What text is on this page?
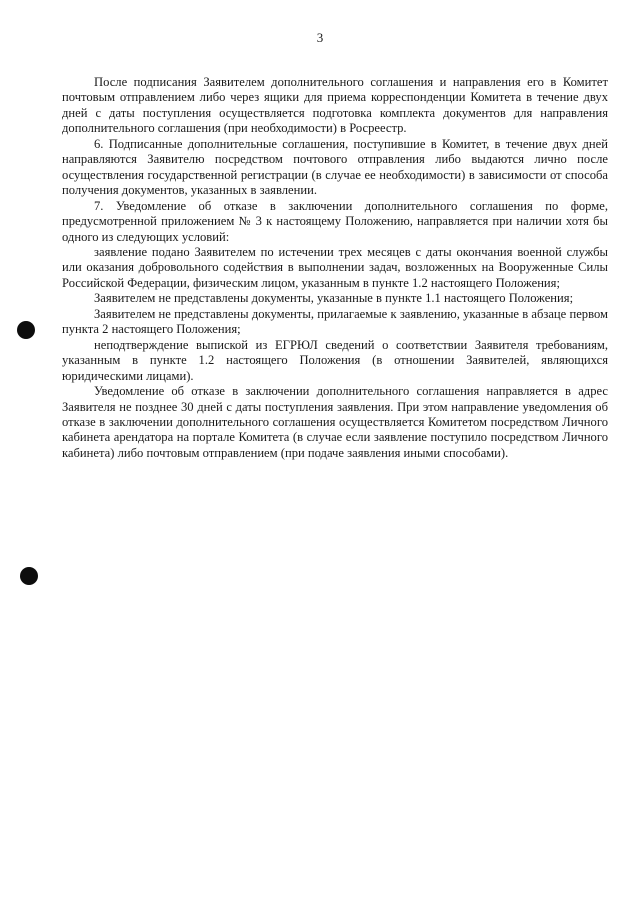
3

После подписания Заявителем дополнительного соглашения и направления его в Комитет почтовым отправлением либо через ящики для приема корреспонденции Комитета в течение двух дней с даты поступления осуществляется подготовка комплекта документов для направления дополнительного соглашения (при необходимости) в Росреестр.

6. Подписанные дополнительные соглашения, поступившие в Комитет, в течение двух дней направляются Заявителю посредством почтового отправления либо выдаются лично после осуществления государственной регистрации (в случае ее необходимости) в зависимости от способа получения документов, указанных в заявлении.

7. Уведомление об отказе в заключении дополнительного соглашения по форме, предусмотренной приложением № 3 к настоящему Положению, направляется при наличии хотя бы одного из следующих условий:

заявление подано Заявителем по истечении трех месяцев с даты окончания военной службы или оказания добровольного содействия в выполнении задач, возложенных на Вооруженные Силы Российской Федерации, физическим лицом, указанным в пункте 1.2 настоящего Положения;

Заявителем не представлены документы, указанные в пункте 1.1 настоящего Положения;

Заявителем не представлены документы, прилагаемые к заявлению, указанные в абзаце первом пункта 2 настоящего Положения;

неподтверждение выпиской из ЕГРЮЛ сведений о соответствии Заявителя требованиям, указанным в пункте 1.2 настоящего Положения (в отношении Заявителей, являющихся юридическими лицами).

Уведомление об отказе в заключении дополнительного соглашения направляется в адрес Заявителя не позднее 30 дней с даты поступления заявления. При этом направление уведомления об отказе в заключении дополнительного соглашения осуществляется Комитетом посредством Личного кабинета арендатора на портале Комитета (в случае если заявление поступило посредством Личного кабинета) либо почтовым отправлением (при подаче заявления иными способами).
